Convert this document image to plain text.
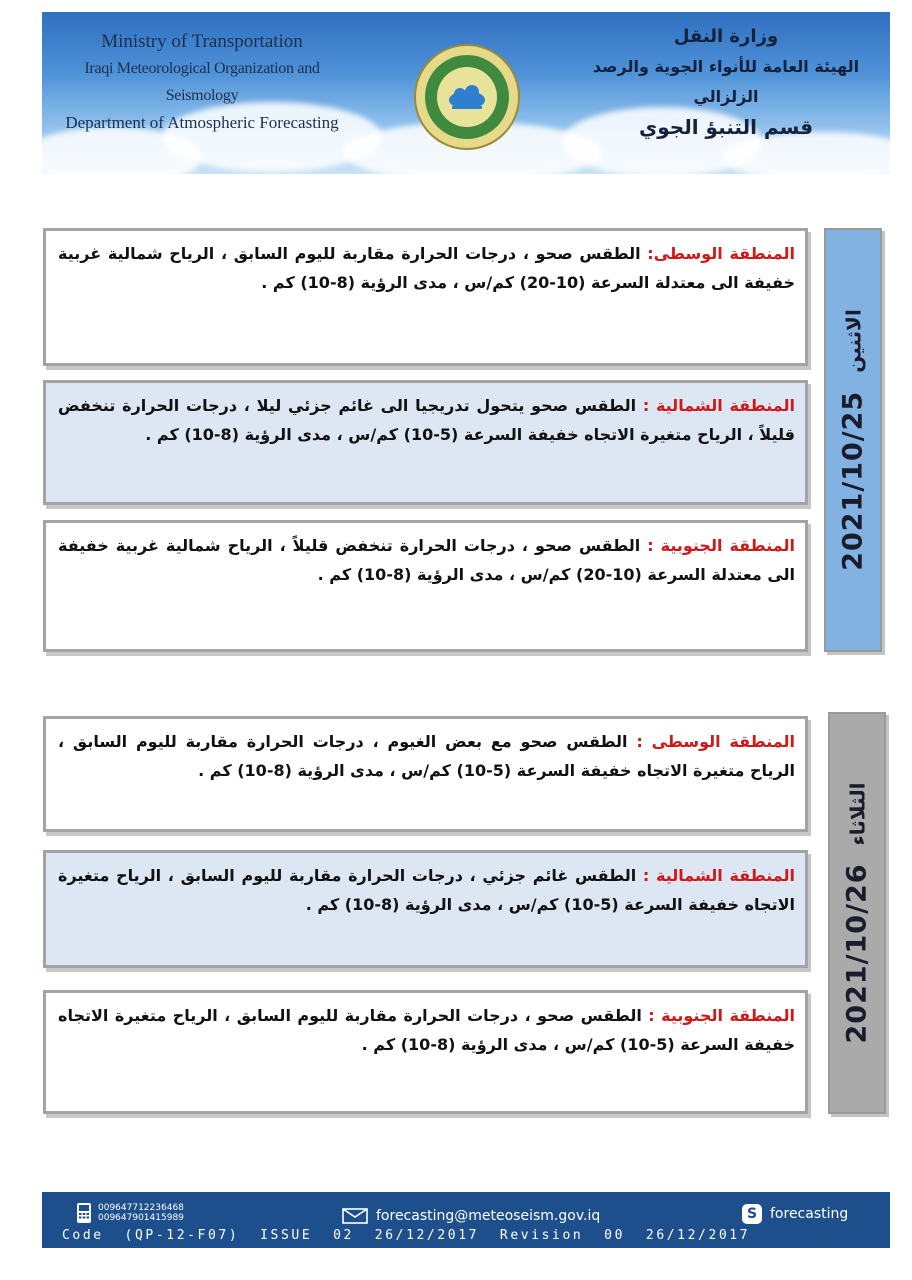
Ministry of Transportation
Iraqi Meteorological Organization and Seismology
Department of Atmospheric Forecasting
وزارة النقل
الهيئة العامة للأنواء الجوية والرصد الزلزالي
قسم التنبؤ الجوي
المنطقة الوسطى: الطقس صحو ، درجات الحرارة مقاربة لليوم السابق ، الرياح شمالية غربية خفيفة الى معتدلة السرعة (10-20) كم/س ، مدى الرؤية (8-10) كم .
المنطقة الشمالية : الطقس صحو يتحول تدريجيا الى غائم جزئي ليلا ، درجات الحرارة تنخفض قليلاً ، الرياح متغيرة الاتجاه خفيفة السرعة (5-10) كم/س ، مدى الرؤية (8-10) كم .
المنطقة الجنوبية : الطقس صحو ، درجات الحرارة تنخفض قليلاً ، الرياح شمالية غربية خفيفة الى معتدلة السرعة (10-20) كم/س ، مدى الرؤية (8-10) كم .
2021/10/25
الاثنين
المنطقة الوسطى : الطقس صحو مع بعض الغيوم ، درجات الحرارة مقاربة لليوم السابق ، الرياح متغيرة الاتجاه خفيفة السرعة (5-10) كم/س ، مدى الرؤية (8-10) كم .
المنطقة الشمالية : الطقس غائم جزئي ، درجات الحرارة مقاربة لليوم السابق ، الرياح متغيرة الاتجاه خفيفة السرعة (5-10) كم/س ، مدى الرؤية (8-10) كم .
المنطقة الجنوبية : الطقس صحو ، درجات الحرارة مقاربة لليوم السابق ، الرياح متغيرة الاتجاه خفيفة السرعة (5-10) كم/س ، مدى الرؤية (8-10) كم .
2021/10/26
الثلاثاء
009647712236468
009647901415989	forecasting@meteoseism.gov.iq	S forecasting
Code  (QP-12-F07)  ISSUE  02  26/12/2017  Revision  00  26/12/2017
